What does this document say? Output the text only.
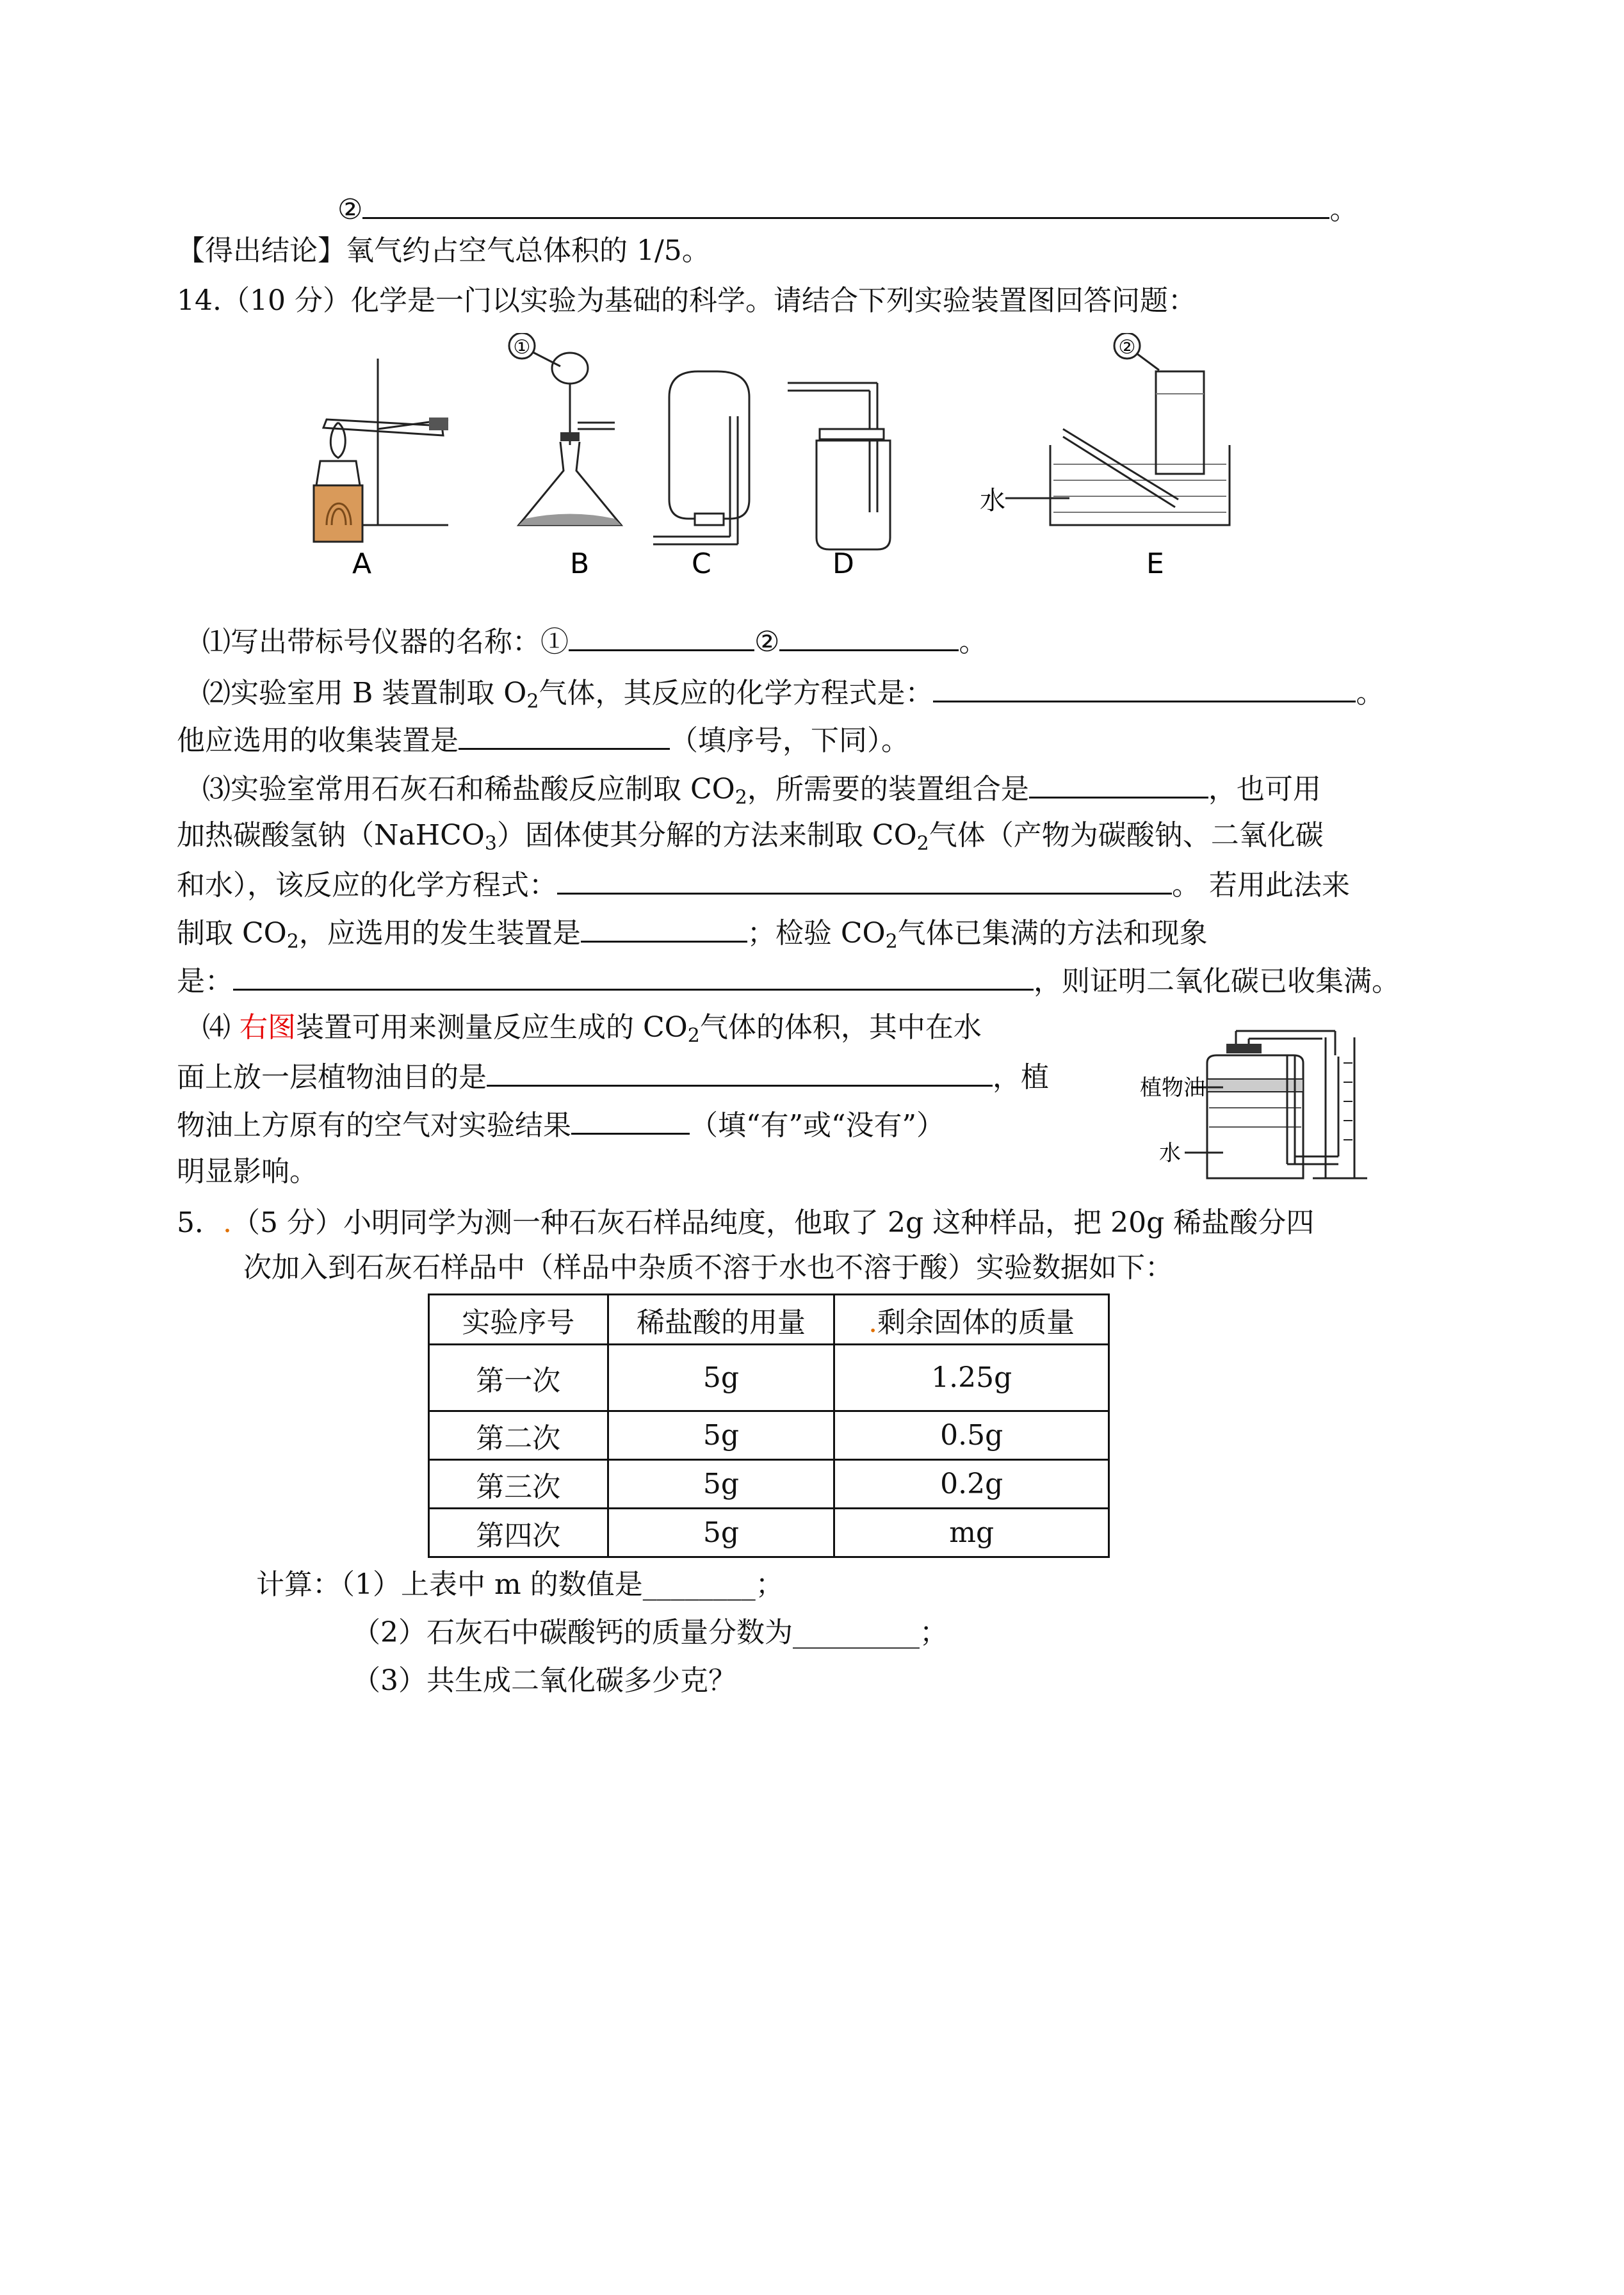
②	。
【得出结论】氧气约占空气总体积的 1/5。
14.（10 分）化学是一门以实验为基础的科学。请结合下列实验装置图回答问题：
①	②
水
A	B	C	D	E
⑴写出带标号仪器的名称：①	②	。
⑵实验室用 B 装置制取 $O_2$气体，其反应的化学方程式是：	。
他应选用的收集装置是	（填序号，下同）。
⑶实验室常用石灰石和稀盐酸反应制取 $CO_2$，所需要的装置组合是	，也可用
加热碳酸氢钠（NaHCO$_3$）固体使其分解的方法来制取 $CO_2$气体（产物为碳酸钠、二氧化碳
和水），该反应的化学方程式：	。 若用此法来
制取 $CO_2$，应选用的发生装置是	；检验 $CO_2$气体已集满的方法和现象
是：	，则证明二氧化碳已收集满。
⑷ 右图装置可用来测量反应生成的 $CO_2$气体的体积，其中在水
面上放一层植物油目的是	，植
物油上方原有的空气对实验结果	（填“有”或“没有”）
明显影响。
植物油
水
5．.（5 分）小明同学为测一种石灰石样品纯度，他取了 2g 这种样品，把 20g 稀盐酸分四
次加入到石灰石样品中（样品中杂质不溶于水也不溶于酸）实验数据如下：
实验序号	稀盐酸的用量	.剩余固体的质量
第一次	5g	1.25g
第二次	5g	0.5g
第三次	5g	0.2g
第四次	5g	mg
计算：（1）上表中 m 的数值是________；
（2）石灰石中碳酸钙的质量分数为_________；
（3）共生成二氧化碳多少克？
